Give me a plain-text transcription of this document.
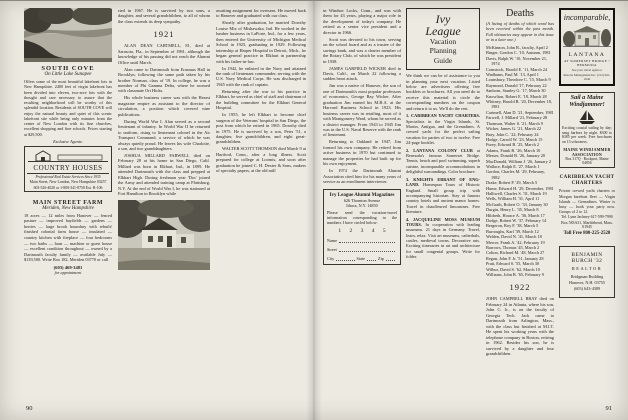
SOUTH COVE
On Little Lake Sunapee
Offers some of the most beautiful lakefront lots in New Hampshire. 2400 feet of virgin lakefront has been divided into eleven, two-acre lots with the thought and care necessary to assure that the resulting neighborhood will be worthy of this splendid location. Residents of SOUTH COVE will enjoy the natural beauty and quiet of this scenic lakefront site while being only minutes from the center of New London with its fine churches, excellent shopping and fine schools. Prices starting at $29,500.
Exclusive Agents:
COUNTRY HOUSES
Professional Real Estate Services Since 1935
Main Street, New London, New Hampshire 03257
603-526-4020 or 1-800-341-8750 Ext. R-106
MAIN STREET FARM
Meriden, New Hampshire
18 acres — 12 miles from Hanover — fenced pasture — improved hayfields — gardens — berries — large brook boundary with rebuilt/ finished colonial farm house — insulated — country kitchen with fireplace — four bedrooms — two baths — barn — machine or guest house — excellent condition throughout — owned by a Dartmouth faculty family — available July — $139,500. Write Box 182, Meriden 03770 or call
(603) 469-3481
for appointment
ried in 1967. He is survived by two sons, a daughter, and several grandchildren, to all of whom the class extends its deep sympathy.
1921
ALAN DEAN CARTMELL, 81, died at Sarasota, Fla., in September of 1981, although the knowledge of his passing did not reach the Alumni Office until March.
Alan came to Dartmouth from Erasmus Hall in Brooklyn, following the same path taken by his brother Norman, class of '19. In college, he was a member of Phi Gamma Delta, where he roomed with classmate Ort Hicks.
His whole business career was with the Hearst magazine empire as assistant to the director of circulation, a position which covered nine publications.
During World War I, Alan served as a second lieutenant of infantry. In World War II he returned to uniform, rising to lieutenant colonel in the Air Transport Command, a service of which he was always quietly proud. He leaves his wife Charlotte, a son, and two granddaughters.
JOSHUA MILLARD FARWELL died on February 28 at his home in San Diego, Calif. Millard was born in Elkhart, Ind., in 1899. He attended Dartmouth with the class and prepped at Elkhart High. During freshman year 'Doc' joined the Army and attended training camp at Plattsburg, N.Y. At the end of World War I, he was stationed at Fort Hamilton in Brooklyn while
awaiting assignment for overseas. He moved back to Hanover and graduated with our class.
Shortly after graduation, he married Dorothy Louise Mix of Mishawaka, Ind. He worked in the lumber business in LaPorte, Ind., for a few years, then entered the University of Michigan Medical School in 1925, graduating in 1929. Following internship at Harper Hospital in Detroit, Mich., he began general practice in Elkhart in partnership with his father-in-law.
In 1942, he enlisted in the Navy and attained the rank of lieutenant commander, serving with the U.S. Navy Medical Corps. He was discharged in 1945 with the rank of captain.
Returning after the war to his practice in Elkhart, he served as chief of staff and chairman of the building committee for the Elkhart General Hospital.
In 1955, he left Elkhart to become chief surgeon of the Veterans' hospital in San Diego, the post from which he retired in 1965. Dorothy died in 1975. He is survived by a son, Peter '51, a daughter, five grandchildren, and eight great-grandchildren.
WALTER SCOTT THOMSON died March 9 at Hartford, Conn., after a long illness. Scott prepared for college at Loomis, and soon after graduation he joined C. H. Dexter & Sons, makers of specialty papers, at the old mill
90
in Windsor Locks, Conn., and was with them for 43 years, playing a major role in the development of today's company. He retired as a senior vice president and a director in 1966.
Scott was devoted to his town, serving on the school board and as a trustee of the savings bank, and was a charter member of the Rotary Club, of which he was president in 1938.
JAMES GARFIELD WICKER died in Davis, Calif., on March 22 following a sudden heart attack.
Jim was a native of Hanover, the son of one of Dartmouth's most popular professors of economics, George Ray Wicker. After graduation Jim earned his M.B.A. at the Harvard Business School in 1923. His business career was in retailing, most of it with Montgomery Ward, whom he served as a district manager. From 1943 to 1945 Jim was in the U.S. Naval Reserve with the rank of lieutenant.
Returning to Oakland in 1947, Jim formed his own company. He retired from active business in 1970 but continued to manage the properties he had built up for his own enjoyment.
In 1974 the Dartmouth Alumni Association cited him for his many years of service as an enrollment interviewer.
Ivy League Alumni Magazines
626 Thornton Avenue
Ithaca, N.Y. 14850
Please send the vacation-travel information corresponding to the numbers I have circled below:
1 2 3 4 5
Name
Street
City	State	Zip
Ivy
League
Vacation
Planning
Guide
We think we can be of assistance to you in planning your next vacation. Listed below are advertisers offering free booklets or brochures. All you need do to receive this material is circle the corresponding numbers on the coupon and return it to us. We'll do the rest.
1. CARIBBEAN YACHT CHARTERS. Specialists in the Virgin Islands, St. Martin, Antigua, and the Grenadines. A crewed yacht for the perfect sailing vacation for parties of two to twelve. Free 24-page booklet.
2. LANTANA COLONY CLUB at Bermuda's famous Somerset Bridge. Tennis, beach and pool swimming, superb cuisine, incomparable accommodations in delightful surroundings. Color brochure.
3. KNIGHTS ERRANT OF ENG-LAND. Homespun Tours of Historic England. Small group trip with accompanying historian. Stay at famous country hotels and ancient manor homes. Travel in chauffeured limousines. Free literature.
4. JACQUELINE MOSS MUSEUM TOURS. In cooperation with leading museums. 21 days in Germany. Travel, learn, relax. Visit art museums, cathedrals, castles, medieval towns. Decorative arts. Exciting itineraries in art and architecture for small congenial groups. Write for folder.
Deaths
(A listing of deaths of which word has been received within the past month. Full obituaries may appear in this issue or in a later one.)
McKinnon, John B., faculty, April 2
Binger, Gordon C. '10, Autumn, 1981
Davis, Ralph W. '10, November 21, 1974
Comstock, Harold E. '11, March 24
Wadhams, Paul M. '13, April 1
Lounsbury, Theodore C. '15, March 9
Raymond, Donald '17, February 22
Sanborn, Stanley G. '17, March 30
Knowlton, Robert E. '18, March 28
Whitney, Harold B. '20, December 18, 1981
Cartmell, Alan D. '21, September, 1981
Farwell, J. Millard '21, February 28
Thomson, Walter S. '21, March 9
Wicker, James G. '21, March 22
Bray, John C. '22, February 24
Hodge, Carroll W. '23, March 15
Furey, Edward B. '25, March 2
Adams, Frank B. '26, March 10
Messer, Donald B. '26, January 20
MacDonald, William J. '26, January 2
Wallace, Ralph E. '27, March 1
Gordon, Charles M. '29, February, 1982
Drake, Robert P. '29, March 5
Hume, Edward H. '29, December, 1981
Halliwell, Charles S. '31, March 19
Wells, William H. '31, April 11
McGrath, Robert O. '33, January 30
Durgin, Henry L. '35, March 8
Hildreth, Horace A. '36, March 17
Dodge, Robert W. '37, February 14
Bergeron, Roy F. '38, March 5
Burroughs, Karl '39, March 12
Welden, David N. '41, March 18
Mercer, Frank A. '42, February 19
Barrows, Thomas '45, March 2
Colton, Richard M. '48, March 27
Regan, John F. Jr. '51, January 28
Pratt, Edward S. '55, March 30
Wilbur, David S. '62, March 10
Williams, John B. '65, February 9
1922
JOHN CAMPBELL BRAY died on February 24 in Atlanta, where his son, John C. Jr., is on the faculty of Georgia Tech. Jack came to Dartmouth from Arlington, Mass., with the class but finished at M.I.T. He spent his working years with the telephone company in Boston, retiring in 1962. Besides his son, he is survived by a daughter and four grandchildren.
incomparable,
LANTANA
AT SOMERSET BRIDGE • BERMUDA
See your travel agent or
Resorts Management Inc. (212) 661-4540
Sail a Maine Windjammer!
Exciting coastal sailing by day; snug harbors by night. $300 to $385 per week. Free brochures on 13 schooners.
MAINE WINDJAMMER ASSOCIATION
Box 317Q · Rockport, Maine 04856
CARIBBEAN YACHT CHARTERS
Private crewed yacht charters or Morgan bareboat fleet — Virgin Islands — Grenadines. Winter is busy — book your party now. Groups of 2 to 12.
Tel. Lynn Jachney 617-599-7990
Box 583A31, Marblehead, Mass. 01945
Toll Free 800-225-2520
BENJAMIN BURCH '32
REALTOR
Bridgman Building
Hanover, N.H. 03755
(603) 643-4389
91
